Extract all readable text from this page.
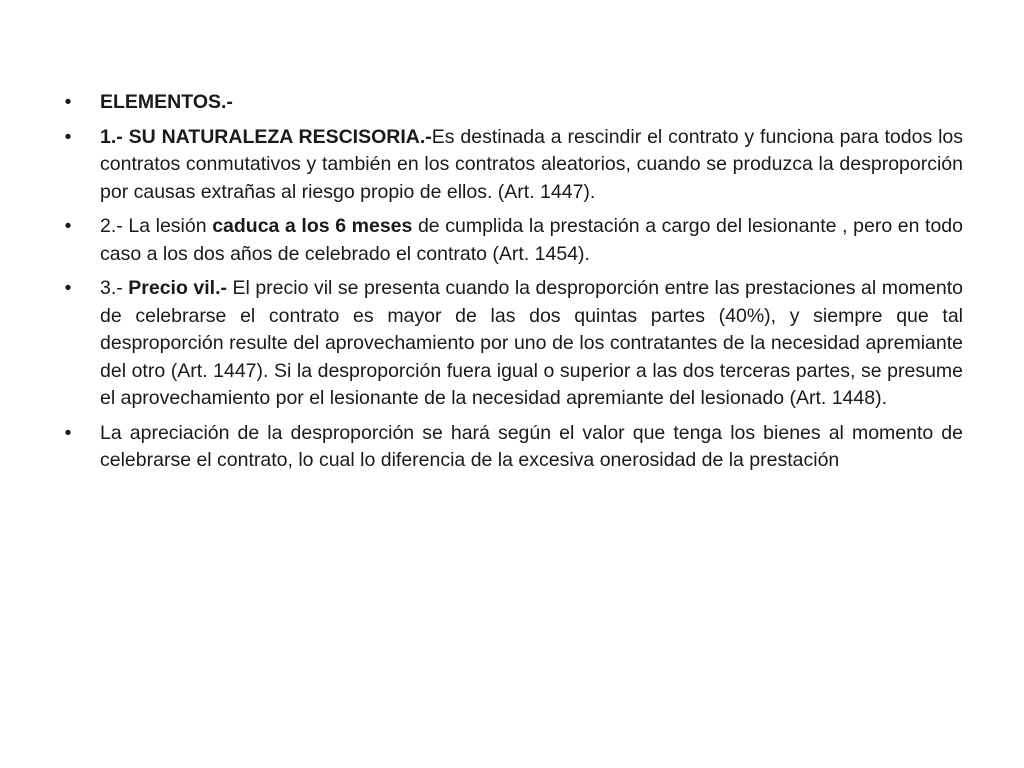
• ELEMENTOS.-
• 1.- SU NATURALEZA RESCISORIA.-Es destinada a rescindir el contrato y funciona para todos los contratos conmutativos y también en los contratos aleatorios, cuando se produzca la desproporción por causas extrañas al riesgo propio de ellos. (Art. 1447).
• 2.- La lesión caduca a los 6 meses de cumplida la prestación a cargo del lesionante , pero en todo caso a los dos años de celebrado el contrato (Art. 1454).
• 3.- Precio vil.- El precio vil se presenta cuando la desproporción entre las prestaciones al momento de celebrarse el contrato es mayor de las dos quintas partes (40%), y siempre que tal desproporción resulte del aprovechamiento por uno de los contratantes de la necesidad apremiante del otro (Art. 1447). Si la desproporción fuera igual o superior a las dos terceras partes, se presume el aprovechamiento por el lesionante de la necesidad apremiante del lesionado (Art. 1448).
• La apreciación de la desproporción se hará según el valor que tenga los bienes al momento de celebrarse el contrato, lo cual lo diferencia de la excesiva onerosidad de la prestación
